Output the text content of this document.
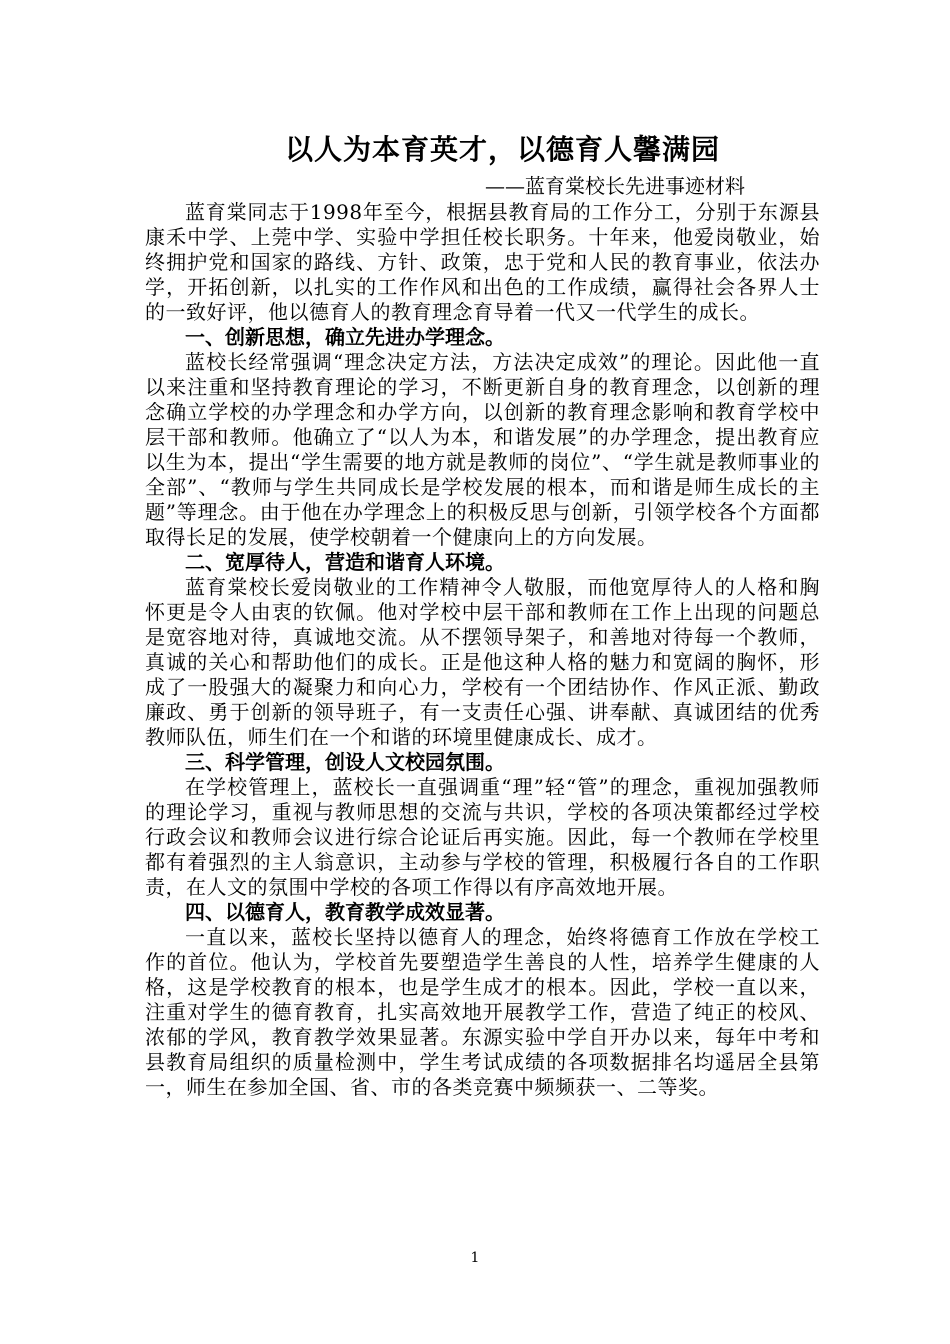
以人为本育英才，以德育人馨满园

——蓝育棠校长先进事迹材料

蓝育棠同志于1998年至今，根据县教育局的工作分工，分别于东源县康禾中学、上莞中学、实验中学担任校长职务。十年来，他爱岗敬业，始终拥护党和国家的路线、方针、政策，忠于党和人民的教育事业，依法办学，开拓创新，以扎实的工作作风和出色的工作成绩，赢得社会各界人士的一致好评，他以德育人的教育理念育导着一代又一代学生的成长。

一、创新思想，确立先进办学理念。

蓝校长经常强调“理念决定方法，方法决定成效”的理论。因此他一直以来注重和坚持教育理论的学习，不断更新自身的教育理念，以创新的理念确立学校的办学理念和办学方向，以创新的教育理念影响和教育学校中层干部和教师。他确立了“以人为本，和谐发展”的办学理念，提出教育应以生为本，提出“学生需要的地方就是教师的岗位”、“学生就是教师事业的全部”、“教师与学生共同成长是学校发展的根本，而和谐是师生成长的主题”等理念。由于他在办学理念上的积极反思与创新，引领学校各个方面都取得长足的发展，使学校朝着一个健康向上的方向发展。

二、宽厚待人，营造和谐育人环境。

蓝育棠校长爱岗敬业的工作精神令人敬服，而他宽厚待人的人格和胸怀更是令人由衷的钦佩。他对学校中层干部和教师在工作上出现的问题总是宽容地对待，真诚地交流。从不摆领导架子，和善地对待每一个教师，真诚的关心和帮助他们的成长。正是他这种人格的魅力和宽阔的胸怀，形成了一股强大的凝聚力和向心力，学校有一个团结协作、作风正派、勤政廉政、勇于创新的领导班子，有一支责任心强、讲奉献、真诚团结的优秀教师队伍，师生们在一个和谐的环境里健康成长、成才。

三、科学管理，创设人文校园氛围。

在学校管理上，蓝校长一直强调重“理”轻“管”的理念，重视加强教师的理论学习，重视与教师思想的交流与共识，学校的各项决策都经过学校行政会议和教师会议进行综合论证后再实施。因此，每一个教师在学校里都有着强烈的主人翁意识，主动参与学校的管理，积极履行各自的工作职责，在人文的氛围中学校的各项工作得以有序高效地开展。

四、以德育人，教育教学成效显著。

一直以来，蓝校长坚持以德育人的理念，始终将德育工作放在学校工作的首位。他认为，学校首先要塑造学生善良的人性，培养学生健康的人格，这是学校教育的根本，也是学生成才的根本。因此，学校一直以来，注重对学生的德育教育，扎实高效地开展教学工作，营造了纯正的校风、浓郁的学风，教育教学效果显著。东源实验中学自开办以来，每年中考和县教育局组织的质量检测中，学生考试成绩的各项数据排名均遥居全县第一，师生在参加全国、省、市的各类竞赛中频频获一、二等奖。

1
